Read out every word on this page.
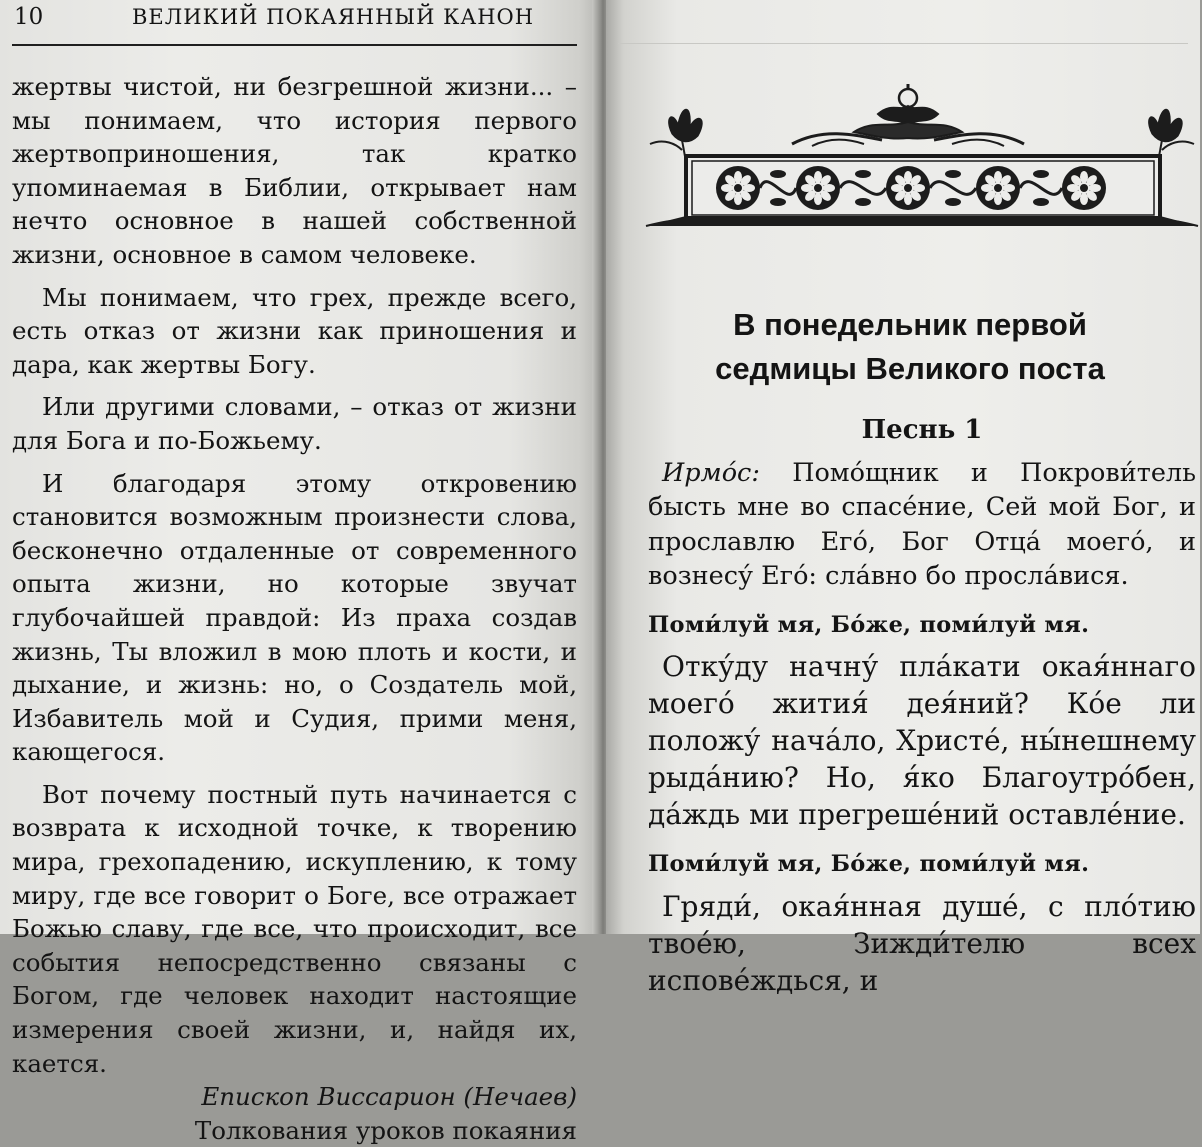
10	ВЕЛИКИЙ ПОКАЯННЫЙ КАНОН

жертвы чистой, ни безгрешной жизни... – мы понимаем, что история первого жертвоприношения, так кратко упоминаемая в Библии, открывает нам нечто основное в нашей собственной жизни, основное в самом человеке.

Мы понимаем, что грех, прежде всего, есть отказ от жизни как приношения и дара, как жертвы Богу.

Или другими словами, – отказ от жизни для Бога и по-Божьему.

И благодаря этому откровению становится возможным произнести слова, бесконечно отдаленные от современного опыта жизни, но которые звучат глубочайшей правдой: Из праха создав жизнь, Ты вложил в мою плоть и кости, и дыхание, и жизнь: но, о Создатель мой, Избавитель мой и Судия, прими меня, кающегося.

Вот почему постный путь начинается с возврата к исходной точке, к творению мира, грехопадению, искуплению, к тому миру, где все говорит о Боге, все отражает Божью славу, где все, что происходит, все события непосредственно связаны с Богом, где человек находит настоящие измерения своей жизни, и, найдя их, кается.

Епископ Виссарион (Нечаев)

Толкования уроков покаяния

В понедельник первой
седмицы Великого поста
Песнь 1

Ирмо́с: Помо́щник и Покрови́тель бысть мне во спасе́ние, Сей мой Бог, и прославлю Его́, Бог Отца́ моего́, и вознесу́ Его́: сла́вно бо просла́вися.

Поми́луй мя, Бо́же, поми́луй мя.

Отку́ду начну́ пла́кати окая́ннаго моего́ жития́ дея́ний? Ко́е ли положу́ нача́ло, Христе́, ны́нешнему рыда́нию? Но, я́ко Благоутро́бен, да́ждь ми прегреше́ний оставле́ние.

Поми́луй мя, Бо́же, поми́луй мя.

Гряди́, окая́нная душе́, с пло́тию твое́ю, Зижди́телю всех испове́ждься, и
